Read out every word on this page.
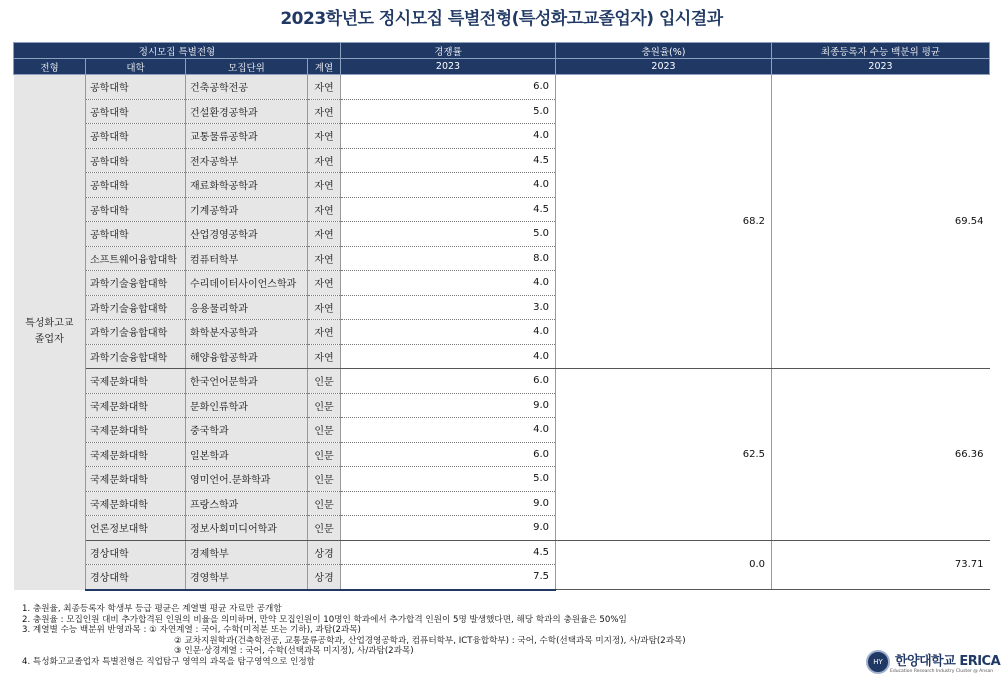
2023학년도 정시모집 특별전형(특성화고교졸업자) 입시결과
정시모집 특별전형				경쟁률	충원율(%)	최종등록자 수능 백분위 평균
전형	대학	모집단위	계열	2023	2023	2023
특성화고교
졸업자	공학대학	건축공학전공	자연	6.0	68.2	69.54
	공학대학	건설환경공학과	자연	5.0		
	공학대학	교통물류공학과	자연	4.0		
	공학대학	전자공학부	자연	4.5		
	공학대학	재료화학공학과	자연	4.0		
	공학대학	기계공학과	자연	4.5		
	공학대학	산업경영공학과	자연	5.0		
	소프트웨어융합대학	컴퓨터학부	자연	8.0		
	과학기술융합대학	수리데이터사이언스학과	자연	4.0		
	과학기술융합대학	응용물리학과	자연	3.0		
	과학기술융합대학	화학분자공학과	자연	4.0		
	과학기술융합대학	해양융합공학과	자연	4.0		
	국제문화대학	한국언어문학과	인문	6.0	62.5	66.36
	국제문화대학	문화인류학과	인문	9.0		
	국제문화대학	중국학과	인문	4.0		
	국제문화대학	일본학과	인문	6.0		
	국제문화대학	영미언어.문화학과	인문	5.0		
	국제문화대학	프랑스학과	인문	9.0		
	언론정보대학	정보사회미디어학과	인문	9.0		
	경상대학	경제학부	상경	4.5	0.0	73.71
	경상대학	경영학부	상경	7.5		
1. 충원율, 최종등록자 학생부 등급 평균은 계열별 평균 자료만 공개함
2. 충원율 : 모집인원 대비 추가합격된 인원의 비율을 의미하며, 만약 모집인원이 10명인 학과에서 추가합격 인원이 5명 발생했다면, 해당 학과의 충원율은 50%임
3. 계열별 수능 백분위 반영과목 : ① 자연계열 : 국어, 수학(미적분 또는 기하), 과탐(2과목)
② 교차지원학과(건축학전공, 교통물류공학과, 산업경영공학과, 컴퓨터학부, ICT융합학부) : 국어, 수학(선택과목 미지정), 사/과탐(2과목)
③ 인문·상경계열 : 국어, 수학(선택과목 미지정), 사/과탐(2과목)
4. 특성화고교졸업자 특별전형은 직업탐구 영역의 과목을 탐구영역으로 인정함	HY 한양대학교 ERICA
Education Research Industry Cluster @ Ansan
